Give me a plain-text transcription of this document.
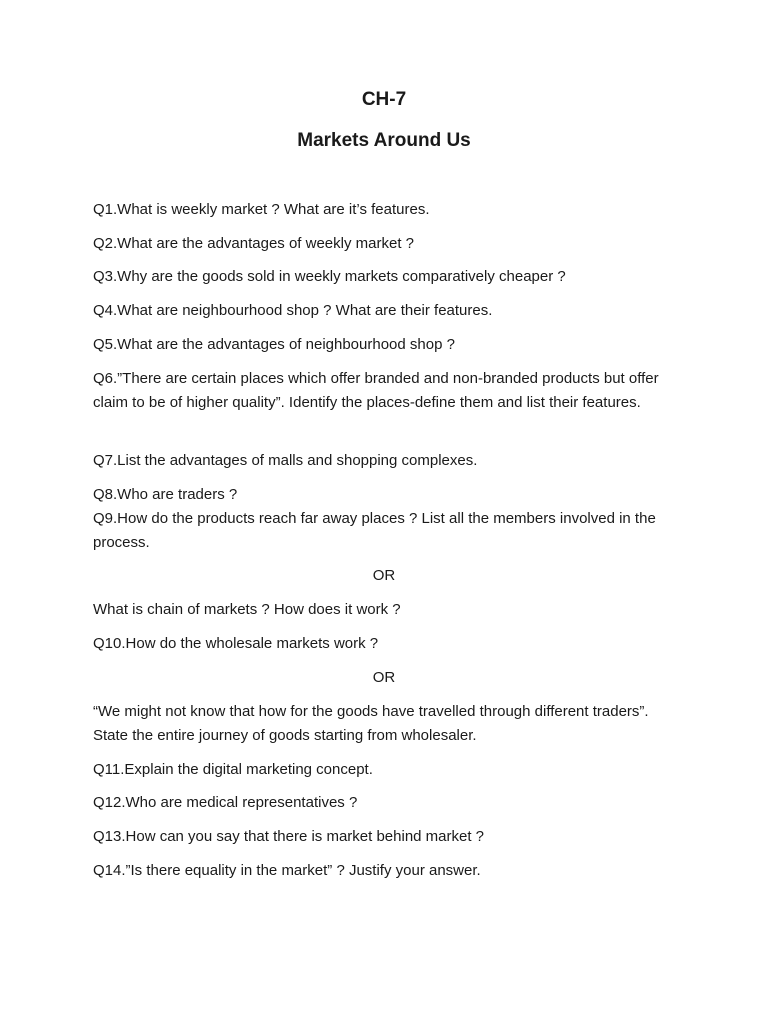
CH-7
Markets Around Us
Q1.What is weekly market ? What are it’s features.
Q2.What are the advantages of weekly market ?
Q3.Why are the goods sold in weekly markets comparatively cheaper ?
Q4.What are neighbourhood shop ? What are their features.
Q5.What are the advantages of neighbourhood shop ?
Q6.”There are certain places which offer branded and non-branded products but offer claim to be of higher quality”. Identify the places-define them and list their features.
Q7.List the advantages of malls and shopping complexes.
Q8.Who are traders ?
Q9.How do the products reach far away places ? List all the members involved in the process.
OR
What is chain of markets ? How does it work ?
Q10.How do the wholesale markets work ?
OR
“We might not know that how for the goods have travelled through different traders”. State the entire journey of goods starting from wholesaler.
Q11.Explain the digital marketing concept.
Q12.Who are medical representatives ?
Q13.How can you say that there is market behind market ?
Q14.”Is there equality in the market” ? Justify your answer.
